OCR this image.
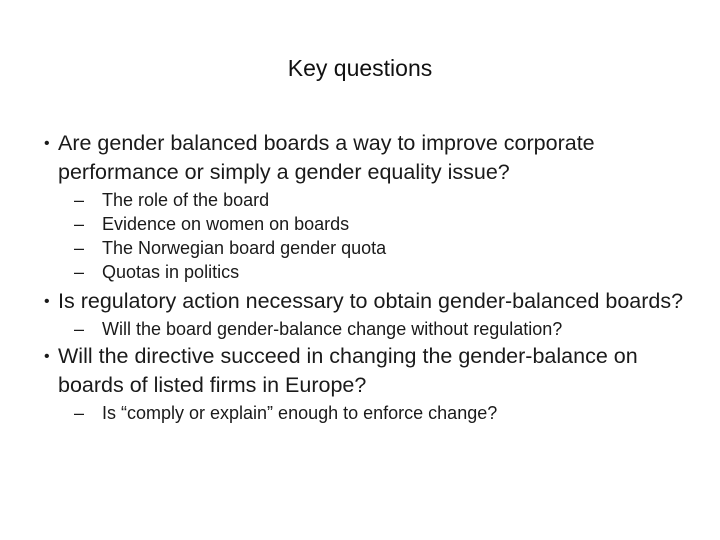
Key questions
• Are gender balanced boards a way to improve corporate performance or simply a gender equality issue?
– The role of the board
– Evidence on women on boards
– The Norwegian board gender quota
– Quotas in politics
• Is regulatory action necessary to obtain gender-balanced boards?
– Will the board gender-balance change without regulation?
• Will the directive succeed in changing the gender-balance on boards of listed firms in Europe?
– Is “comply or explain” enough to enforce change?
